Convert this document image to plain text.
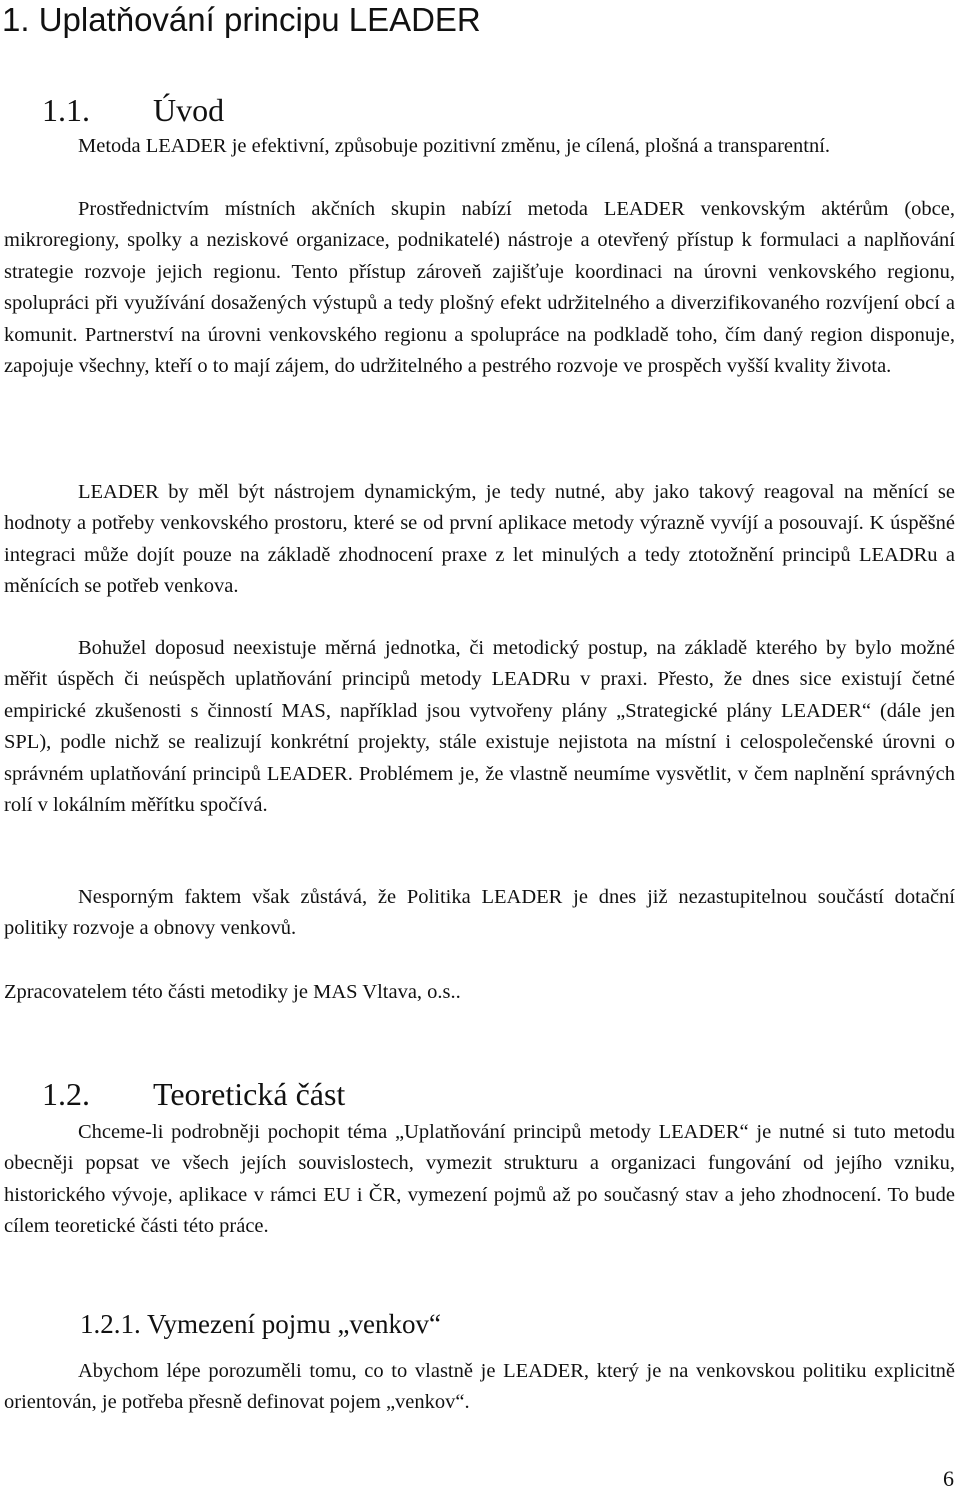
1. Uplatňování principu LEADER
1.1. Úvod

Metoda LEADER je efektivní, způsobuje pozitivní změnu, je cílená, plošná a transparentní.

Prostřednictvím místních akčních skupin nabízí metoda LEADER venkovským aktérům (obce, mikroregiony, spolky a neziskové organizace, podnikatelé) nástroje a otevřený přístup k formulaci a naplňování strategie rozvoje jejich regionu. Tento přístup zároveň zajišťuje koordinaci na úrovni venkovského regionu, spolupráci při využívání dosažených výstupů a tedy plošný efekt udržitelného a diverzifikovaného rozvíjení obcí a komunit. Partnerství na úrovni venkovského regionu a spolupráce na podkladě toho, čím daný region disponuje, zapojuje všechny, kteří o to mají zájem, do udržitelného a pestrého rozvoje ve prospěch vyšší kvality života.

LEADER by měl být nástrojem dynamickým, je tedy nutné, aby jako takový reagoval na měnící se hodnoty a potřeby venkovského prostoru, které se od první aplikace metody výrazně vyvíjí a posouvají. K úspěšné integraci může dojít pouze na základě zhodnocení praxe z let minulých a tedy ztotožnění principů LEADRu a měnících se potřeb venkova.

Bohužel doposud neexistuje měrná jednotka, či metodický postup, na základě kterého by bylo možné měřit úspěch či neúspěch uplatňování principů metody LEADRu v praxi. Přesto, že dnes sice existují četné empirické zkušenosti s činností MAS, například jsou vytvořeny plány „Strategické plány LEADER“ (dále jen SPL), podle nichž se realizují konkrétní projekty, stále existuje nejistota na místní i celospolečenské úrovni o správném uplatňování principů LEADER. Problémem je, že vlastně neumíme vysvětlit, v čem naplnění správných rolí v lokálním měřítku spočívá.

Nesporným faktem však zůstává, že Politika LEADER je dnes již nezastupitelnou součástí dotační politiky rozvoje a obnovy venkovů.

Zpracovatelem této části metodiky je MAS Vltava, o.s..

1.2. Teoretická část

Chceme-li podrobněji pochopit téma „Uplatňování principů metody LEADER“ je nutné si tuto metodu obecněji popsat ve všech jejích souvislostech, vymezit strukturu a organizaci fungování od jejího vzniku, historického vývoje, aplikace v rámci EU i ČR, vymezení pojmů až po současný stav a jeho zhodnocení. To bude cílem teoretické části této práce.

1.2.1. Vymezení pojmu „venkov“

Abychom lépe porozuměli tomu, co to vlastně je LEADER, který je na venkovskou politiku explicitně orientován, je potřeba přesně definovat pojem „venkov“.

6
